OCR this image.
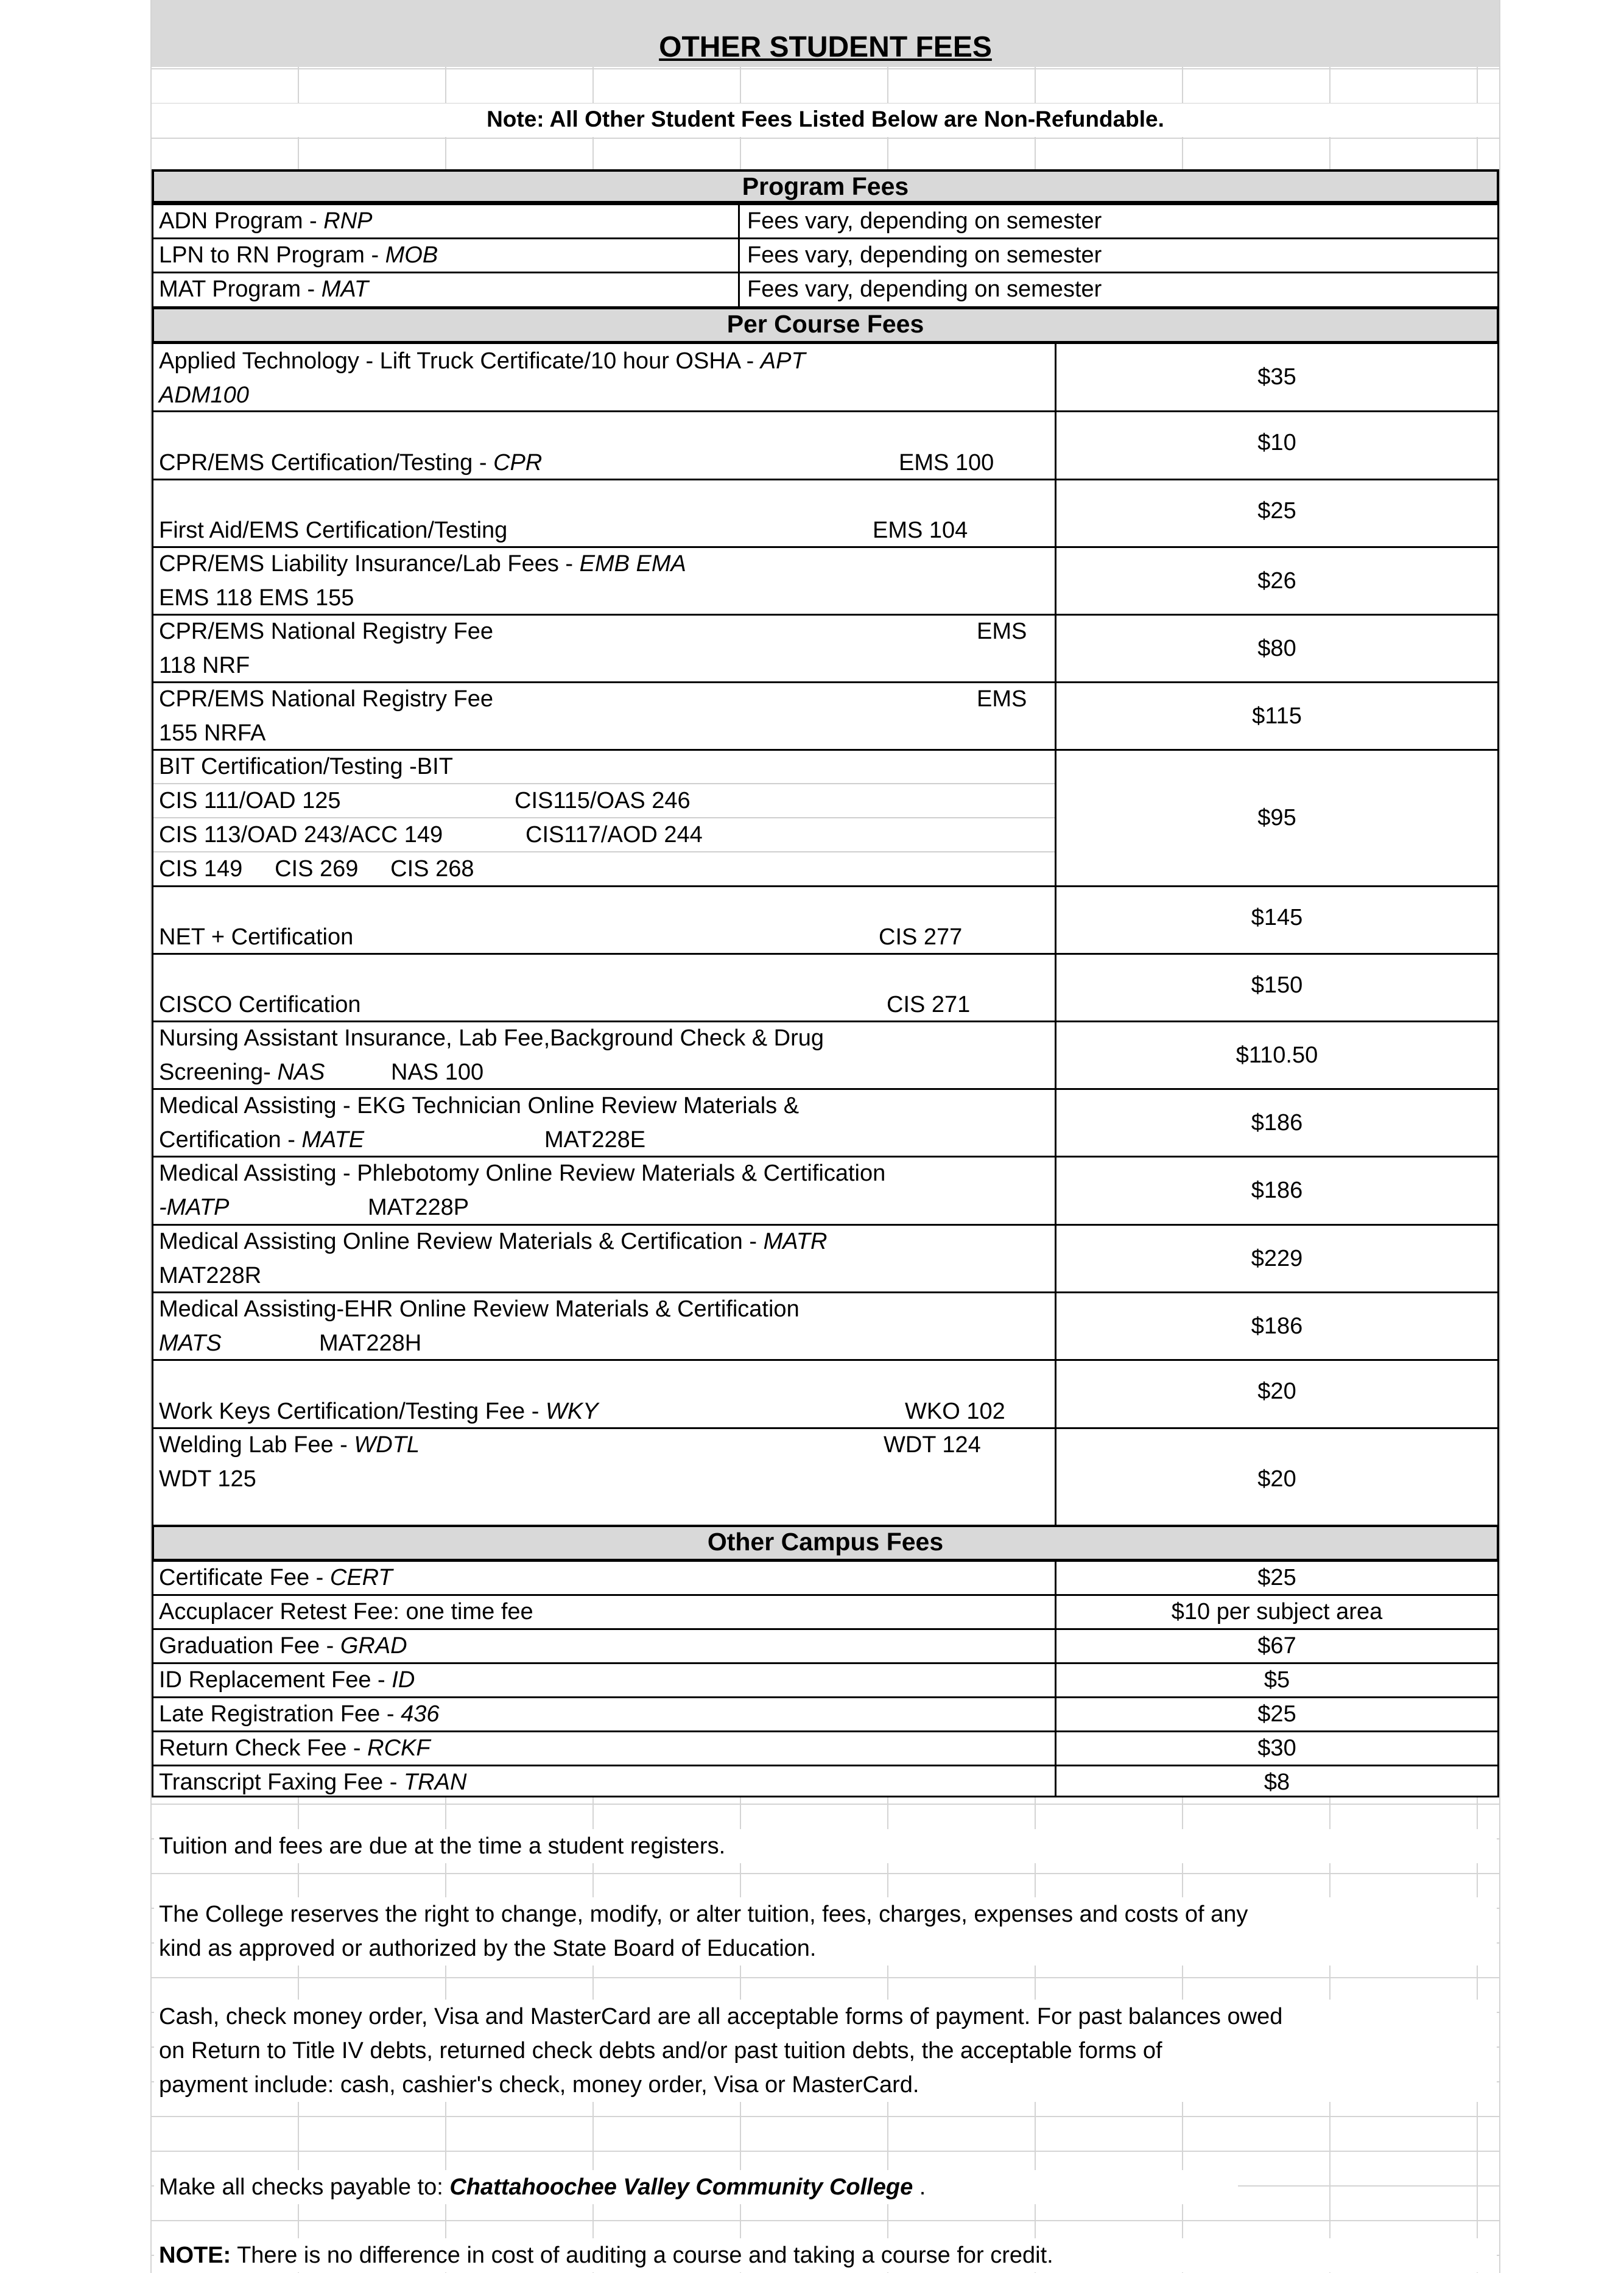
OTHER STUDENT FEES
Note: All Other Student Fees Listed Below are Non-Refundable.
Program Fees
ADN Program - RNP	Fees vary, depending on semester
LPN to RN Program - MOB	Fees vary, depending on semester
MAT Program - MAT	Fees vary, depending on semester
Per Course Fees
Applied Technology - Lift Truck Certificate/10 hour OSHA - APT
ADM100
$35
CPR/EMS Certification/Testing - CPR	EMS 100
$10
First Aid/EMS Certification/Testing	EMS 104
$25
CPR/EMS Liability Insurance/Lab Fees - EMB EMA
EMS 118 EMS 155
$26
CPR/EMS National Registry Fee	EMS
118 NRF
$80
CPR/EMS National Registry Fee	EMS
155 NRFA
$115
BIT Certification/Testing -BIT
CIS 111/OAD 125	CIS115/OAS 246
CIS 113/OAD 243/ACC 149	CIS117/AOD 244
CIS 149     CIS 269     CIS 268
$95
NET + Certification	CIS 277
$145
CISCO Certification	CIS 271
$150
Nursing Assistant Insurance, Lab Fee,Background Check & Drug
Screening- NAS	NAS 100
$110.50
Medical Assisting - EKG Technician Online Review Materials &
Certification - MATE	MAT228E
$186
Medical Assisting - Phlebotomy Online Review Materials & Certification
-MATP	MAT228P
$186
Medical Assisting Online Review Materials & Certification - MATR
MAT228R
$229
Medical Assisting-EHR Online Review Materials & Certification
MATS	MAT228H
$186
Work Keys Certification/Testing Fee - WKY	WKO 102
$20
Welding Lab Fee - WDTL	WDT 124
WDT 125	$20
Other Campus Fees
Certificate Fee - CERT	$25
Accuplacer Retest Fee: one time fee	$10 per subject area
Graduation Fee - GRAD	$67
ID Replacement Fee - ID	$5
Late Registration Fee - 436	$25
Return Check Fee - RCKF	$30
Transcript Faxing Fee - TRAN	$8
Tuition and fees are due at the time a student registers.
The College reserves the right to change, modify, or alter tuition, fees, charges, expenses and costs of any
kind as approved or authorized by the State Board of Education.
Cash, check money order, Visa and MasterCard are all acceptable forms of payment. For past balances owed
on Return to Title IV debts, returned check debts and/or past tuition debts, the acceptable forms of
payment include: cash, cashier's check, money order, Visa or MasterCard.
Make all checks payable to: Chattahoochee Valley Community College .
NOTE: There is no difference in cost of auditing a course and taking a course for credit.
